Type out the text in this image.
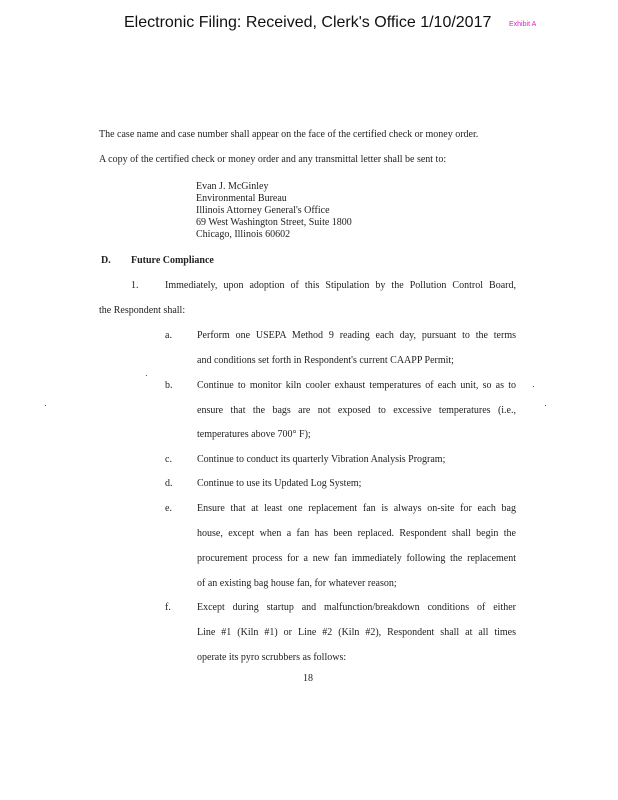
Electronic Filing: Received, Clerk's Office 1/10/2017	Exhibit A
The case name and case number shall appear on the face of the certified check or money order.
A copy of the certified check or money order and any transmittal letter shall be sent to:
Evan J. McGinley
Environmental Bureau
Illinois Attorney General's Office
69 West Washington Street, Suite 1800
Chicago, Illinois 60602
D. Future Compliance
1.	Immediately, upon adoption of this Stipulation by the Pollution Control Board,
the Respondent shall:
a.	Perform one USEPA Method 9 reading each day, pursuant to the terms
and conditions set forth in Respondent's current CAAPP Permit;
b. Continue to monitor kiln cooler exhaust temperatures of each unit, so as to
ensure that the bags are not exposed to excessive temperatures (i.e.,
temperatures above 700° F);
c.	Continue to conduct its quarterly Vibration Analysis Program;
d. Continue to use its Updated Log System;
e.	Ensure that at least one replacement fan is always on-site for each bag
house, except when a fan has been replaced. Respondent shall begin the
procurement process for a new fan immediately following the replacement
of an existing bag house fan, for whatever reason;
f.	Except during startup and malfunction/breakdown conditions of either
Line #1 (Kiln #1) or Line #2 (Kiln #2), Respondent shall at all times
operate its pyro scrubbers as follows:
18
